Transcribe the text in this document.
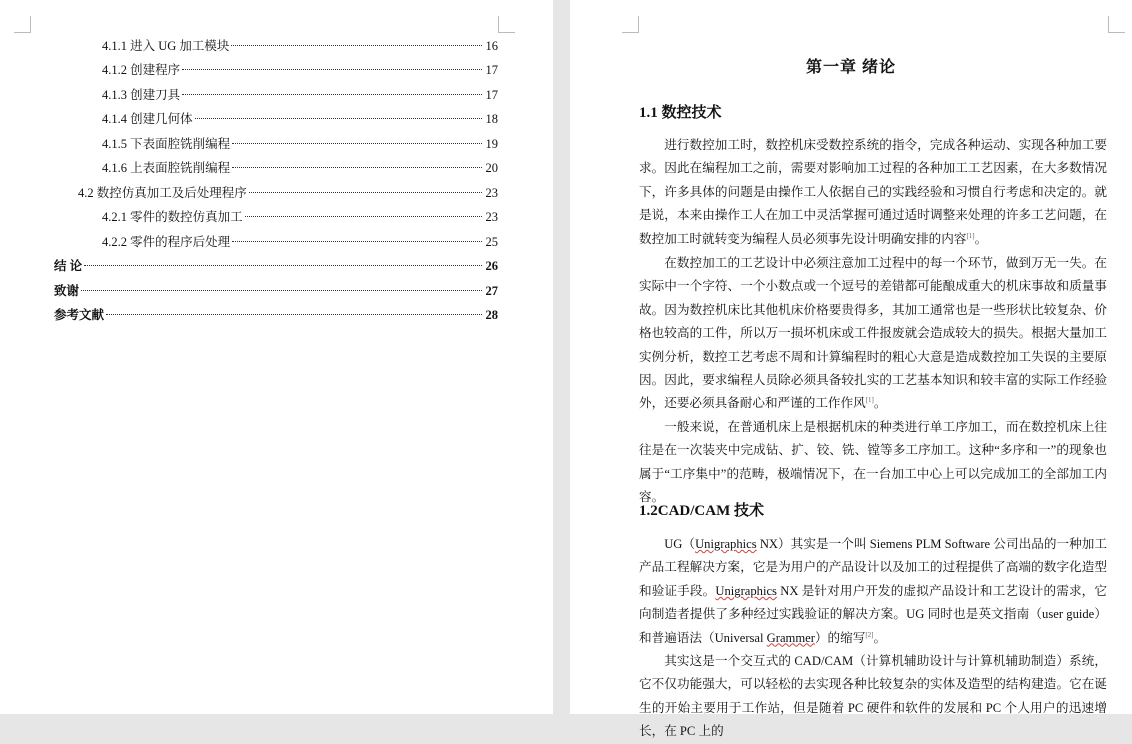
4.1.1 进入 UG 加工模块	16
4.1.2 创建程序	17
4.1.3 创建刀具	17
4.1.4 创建几何体	18
4.1.5 下表面腔铣削编程	19
4.1.6 上表面腔铣削编程	20
4.2 数控仿真加工及后处理程序	23
4.2.1 零件的数控仿真加工	23
4.2.2 零件的程序后处理	25
结 论	26
致谢	27
参考文献	28
第一章 绪论
1.1 数控技术

进行数控加工时，数控机床受数控系统的指令，完成各种运动、实现各种加工要求。因此在编程加工之前，需要对影响加工过程的各种加工工艺因素，在大多数情况下，许多具体的问题是由操作工人依据自己的实践经验和习惯自行考虑和决定的。就是说，本来由操作工人在加工中灵活掌握可通过适时调整来处理的许多工艺问题，在数控加工时就转变为编程人员必须事先设计明确安排的内容[1]。

在数控加工的工艺设计中必须注意加工过程中的每一个环节，做到万无一失。在实际中一个字符、一个小数点或一个逗号的差错都可能酿成重大的机床事故和质量事故。因为数控机床比其他机床价格要贵得多，其加工通常也是一些形状比较复杂、价格也较高的工件，所以万一损坏机床或工件报废就会造成较大的损失。根据大量加工实例分析，数控工艺考虑不周和计算编程时的粗心大意是造成数控加工失误的主要原因。因此，要求编程人员除必须具备较扎实的工艺基本知识和较丰富的实际工作经验外，还要必须具备耐心和严谨的工作作风[1]。

一般来说，在普通机床上是根据机床的种类进行单工序加工，而在数控机床上往往是在一次装夹中完成钻、扩、铰、铣、镗等多工序加工。这种“多序和一”的现象也属于“工序集中”的范畴，极端情况下，在一台加工中心上可以完成加工的全部加工内容。

1.2CAD/CAM 技术

UG（Unigraphics NX）其实是一个叫 Siemens PLM Software 公司出品的一种加工产品工程解决方案，它是为用户的产品设计以及加工的过程提供了高端的数字化造型和验证手段。Unigraphics NX 是针对用户开发的虚拟产品设计和工艺设计的需求，它向制造者提供了多种经过实践验证的解决方案。UG 同时也是英文指南（user guide）和普遍语法（Universal Grammer）的缩写[2]。

其实这是一个交互式的 CAD/CAM（计算机辅助设计与计算机辅助制造）系统，它不仅功能强大，可以轻松的去实现各种比较复杂的实体及造型的结构建造。它在诞生的开始主要用于工作站，但是随着 PC 硬件和软件的发展和 PC 个人用户的迅速增长，在 PC 上的
